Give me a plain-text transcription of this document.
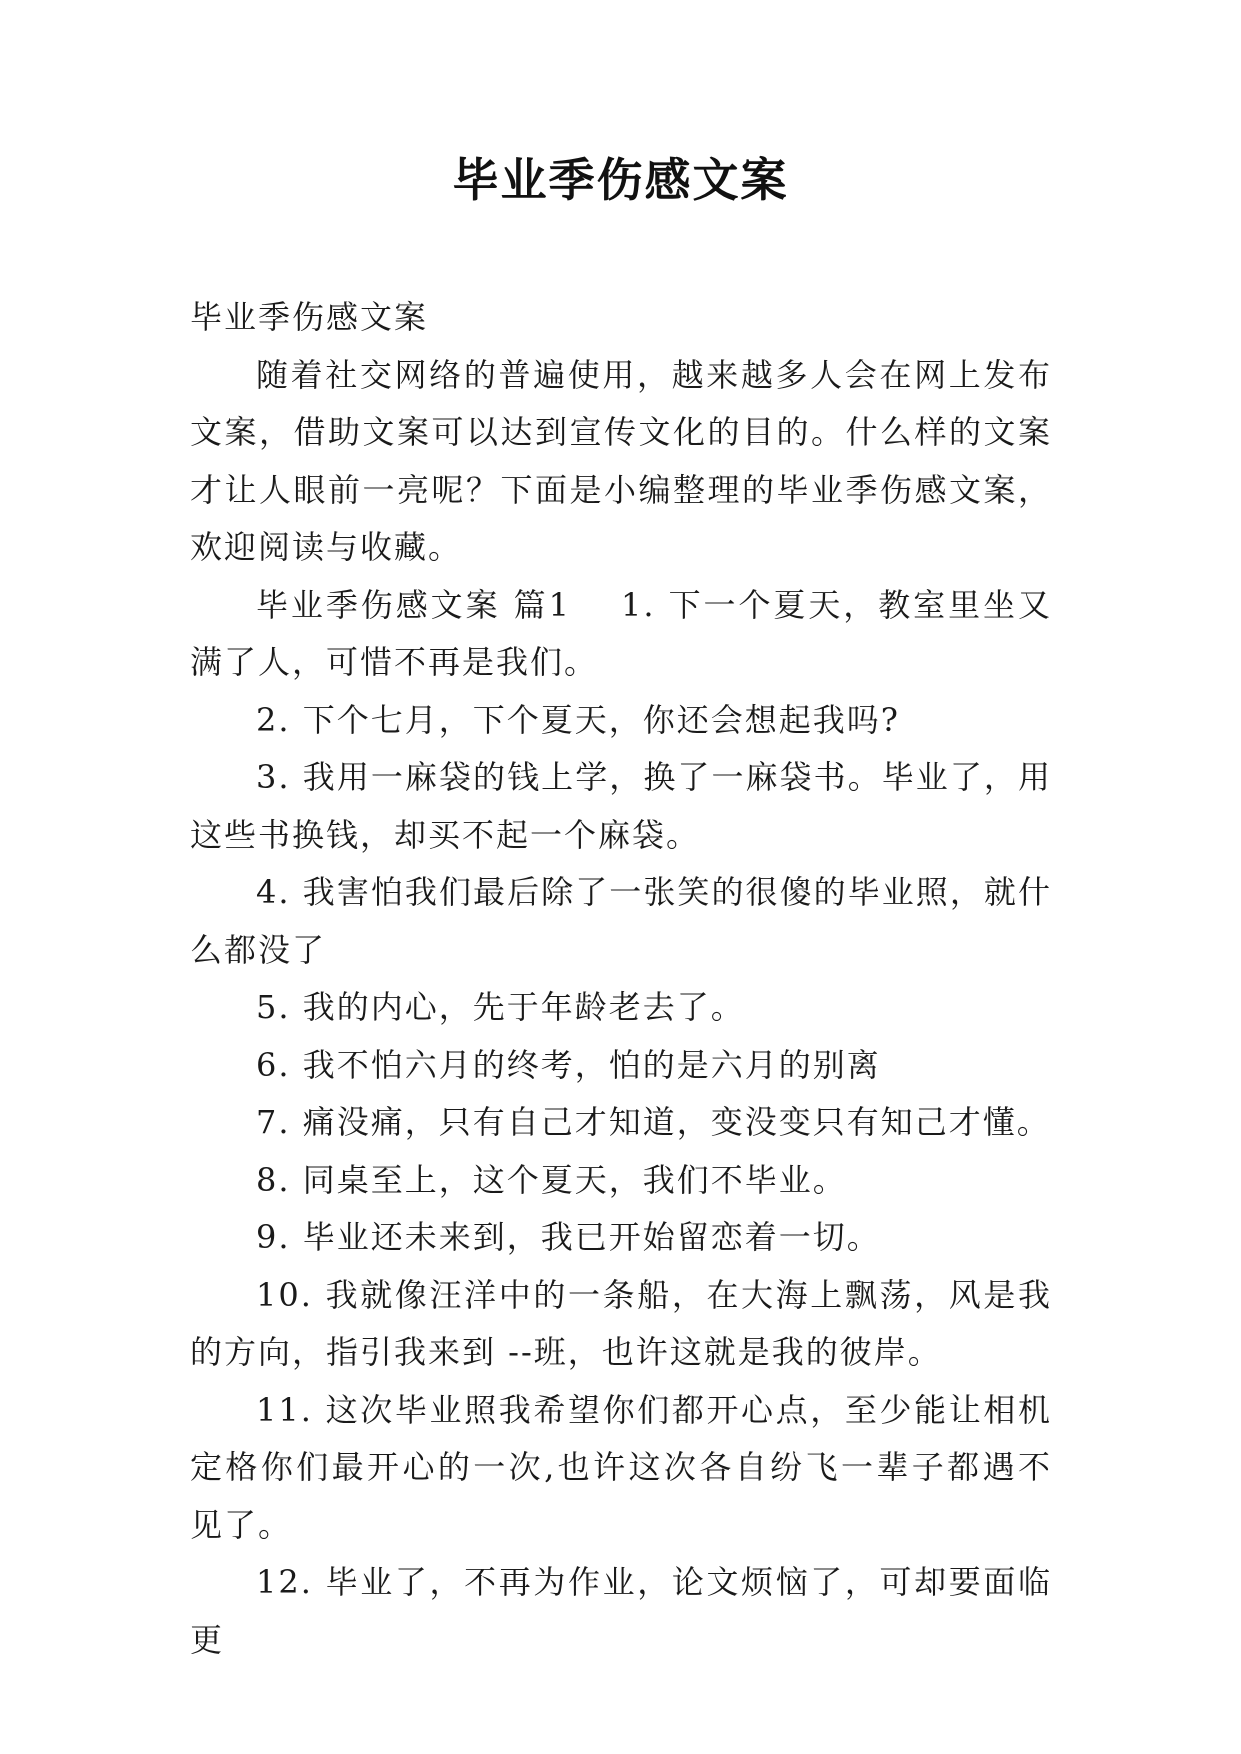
毕业季伤感文案

毕业季伤感文案

随着社交网络的普遍使用，越来越多人会在网上发布文案，借助文案可以达到宣传文化的目的。什么样的文案才让人眼前一亮呢？下面是小编整理的毕业季伤感文案，欢迎阅读与收藏。

毕业季伤感文案 篇1 1. 下一个夏天，教室里坐又满了人，可惜不再是我们。

2. 下个七月，下个夏天，你还会想起我吗?

3. 我用一麻袋的钱上学，换了一麻袋书。毕业了，用这些书换钱，却买不起一个麻袋。

4. 我害怕我们最后除了一张笑的很傻的毕业照，就什么都没了

5. 我的内心，先于年龄老去了。

6. 我不怕六月的终考，怕的是六月的别离

7. 痛没痛，只有自己才知道，变没变只有知己才懂。

8. 同桌至上，这个夏天，我们不毕业。

9. 毕业还未来到，我已开始留恋着一切。

10. 我就像汪洋中的一条船，在大海上飘荡，风是我的方向，指引我来到 --班，也许这就是我的彼岸。

11. 这次毕业照我希望你们都开心点，至少能让相机定格你们最开心的一次,也许这次各自纷飞一辈子都遇不见了。

12. 毕业了，不再为作业，论文烦恼了，可却要面临更
